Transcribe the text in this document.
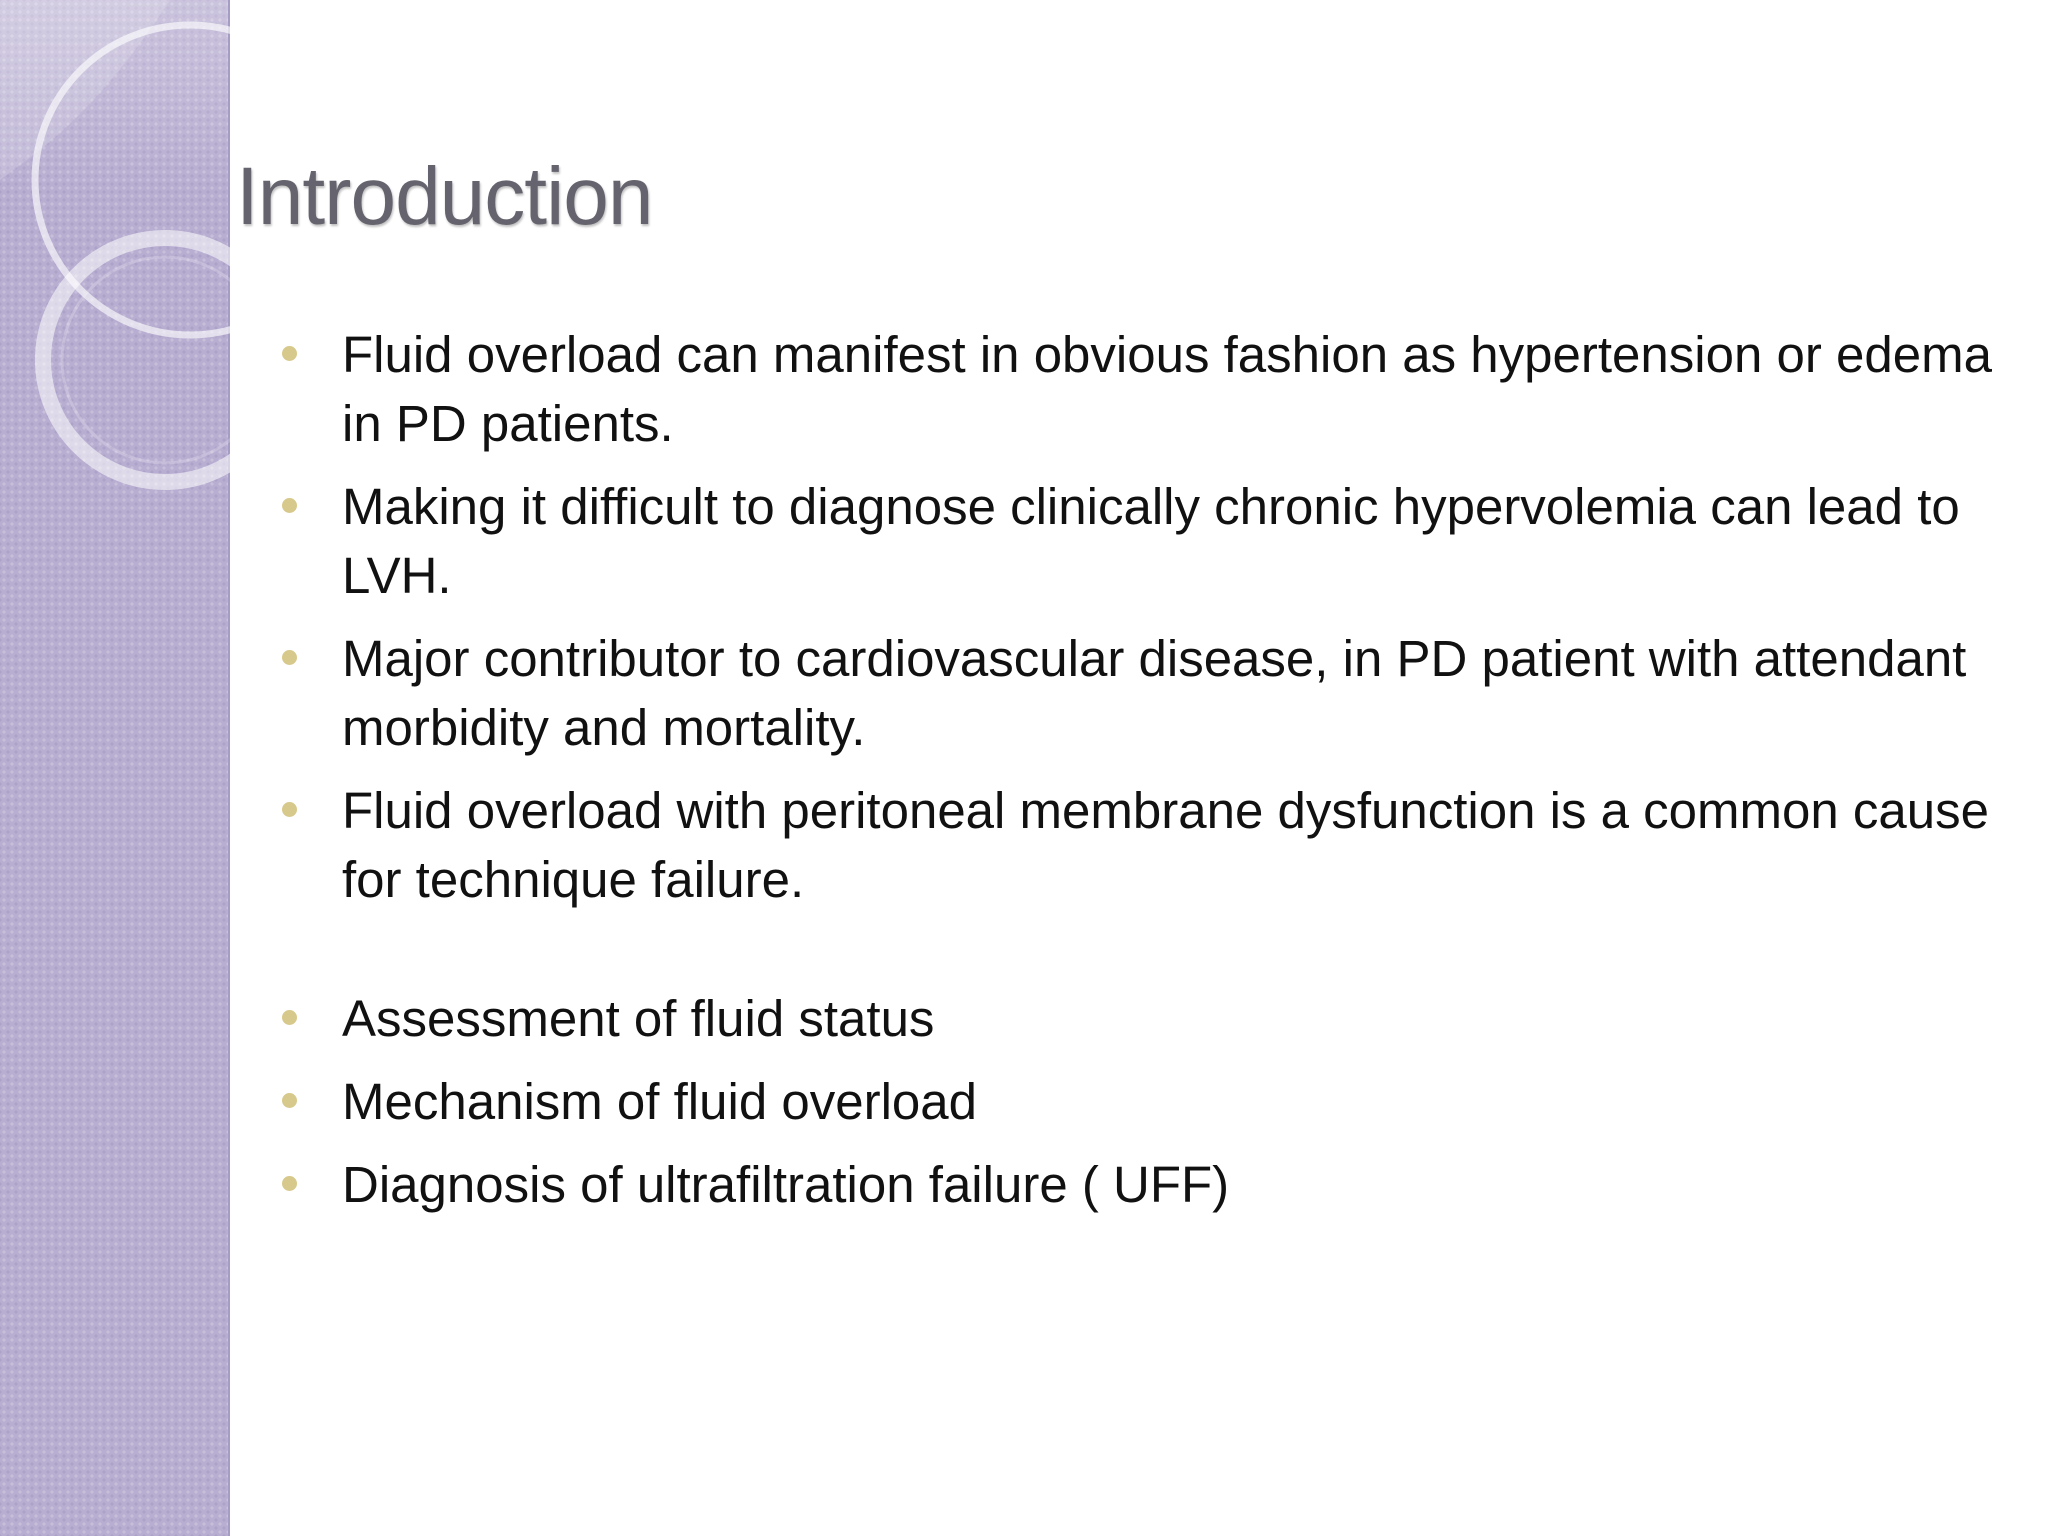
Introduction
Fluid overload can manifest in obvious fashion as hypertension or edema in PD patients.
Making it difficult to diagnose clinically chronic hypervolemia can lead to LVH.
Major contributor to cardiovascular disease, in PD patient with attendant morbidity and mortality.
Fluid overload with peritoneal membrane dysfunction is a common cause for technique failure.
Assessment of fluid status
Mechanism of fluid overload
Diagnosis of ultrafiltration failure ( UFF)
